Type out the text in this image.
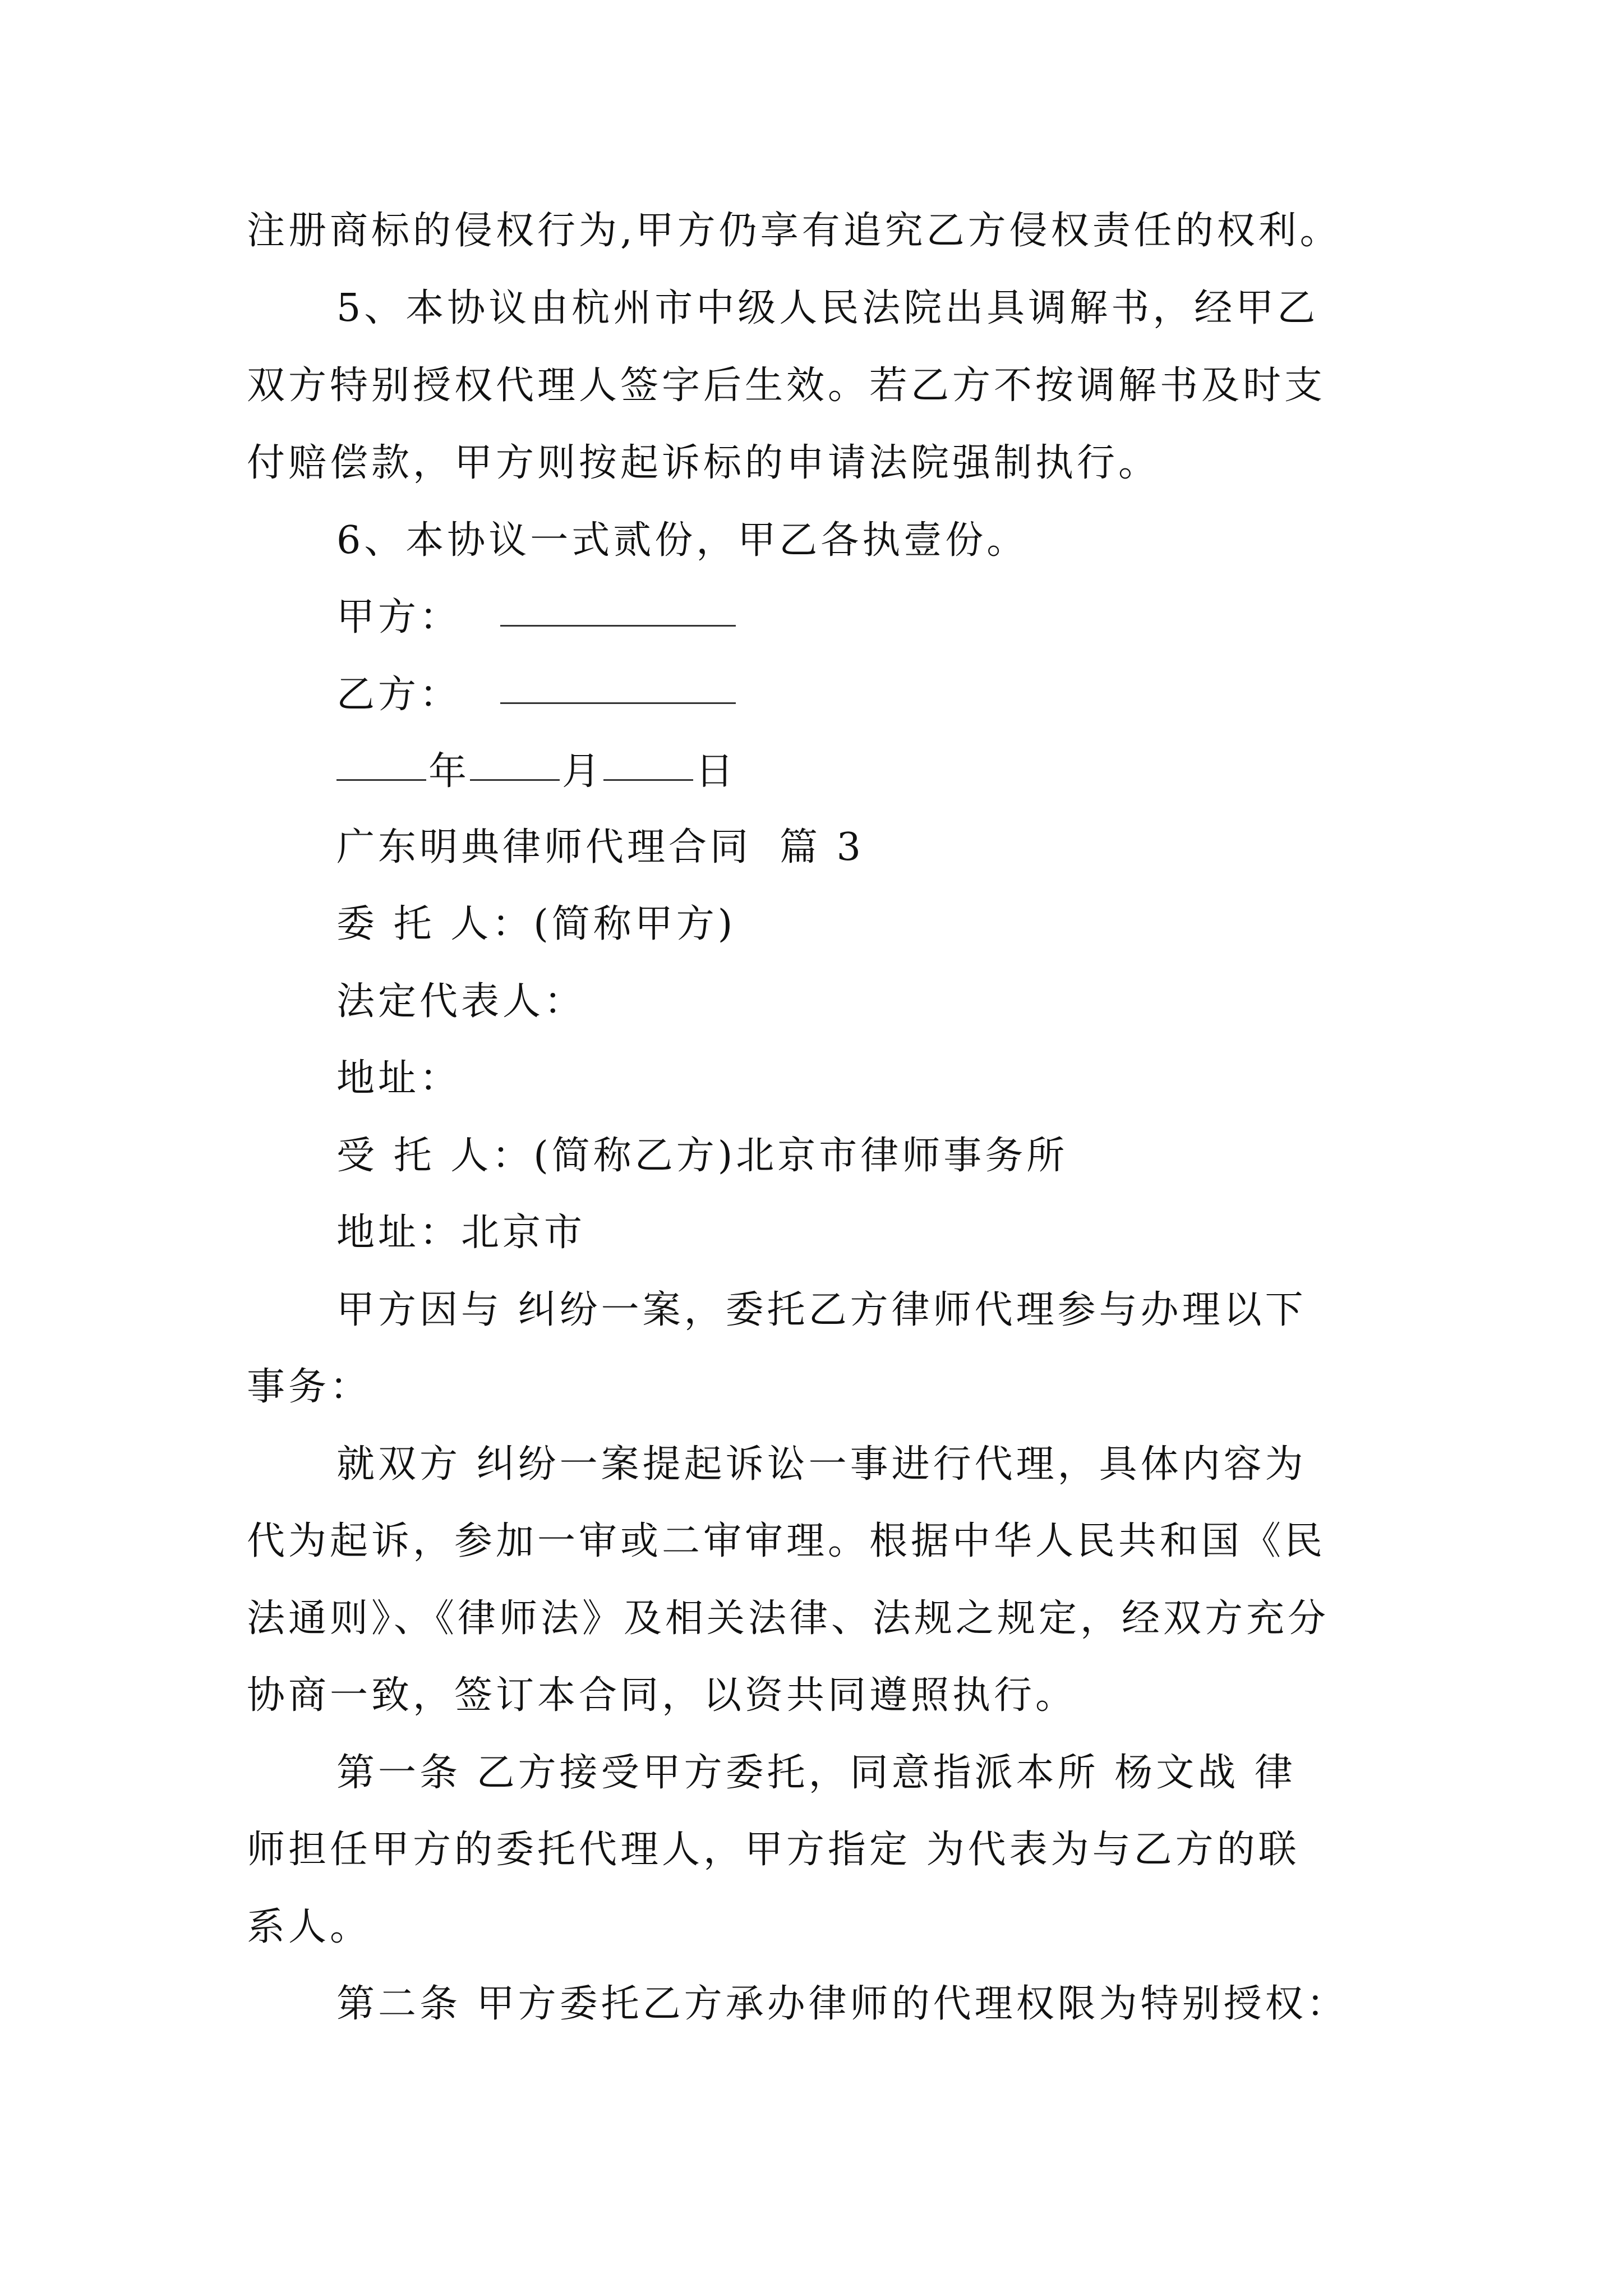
注册商标的侵权行为,甲方仍享有追究乙方侵权责任的权利。
5、本协议由杭州市中级人民法院出具调解书，经甲乙
双方特别授权代理人签字后生效。若乙方不按调解书及时支
付赔偿款，甲方则按起诉标的申请法院强制执行。
6、本协议一式贰份，甲乙各执壹份。
甲方：
乙方：
年 月 日
广东明典律师代理合同 篇 3
委 托 人：(简称甲方)
法定代表人：
地址：
受 托 人：(简称乙方)北京市律师事务所
地址：北京市
甲方因与 纠纷一案，委托乙方律师代理参与办理以下
事务：
就双方 纠纷一案提起诉讼一事进行代理，具体内容为
代为起诉，参加一审或二审审理。根据中华人民共和国《民
法通则》、《律师法》及相关法律、法规之规定，经双方充分
协商一致，签订本合同，以资共同遵照执行。
第一条 乙方接受甲方委托，同意指派本所 杨文战 律
师担任甲方的委托代理人，甲方指定 为代表为与乙方的联
系人。
第二条 甲方委托乙方承办律师的代理权限为特别授权：
